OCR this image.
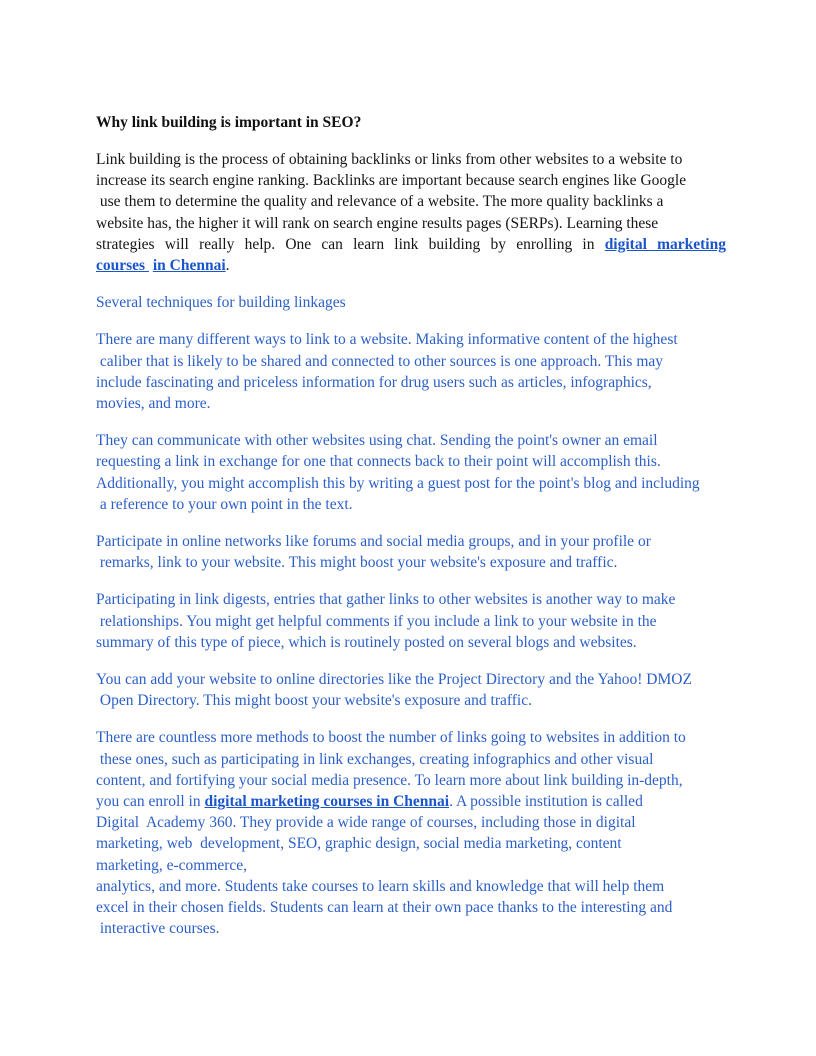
Why link building is important in SEO?
Link building is the process of obtaining backlinks or links from other websites to a website to
increase its search engine ranking. Backlinks are important because search engines like Google
use them to determine the quality and relevance of a website. The more quality backlinks a
website has, the higher it will rank on search engine results pages (SERPs). Learning these
strategies will really help. One can learn link building by enrolling in digital marketing
courses  in Chennai.
Several techniques for building linkages
There are many different ways to link to a website. Making informative content of the highest
caliber that is likely to be shared and connected to other sources is one approach. This may
include fascinating and priceless information for drug users such as articles, infographics,
movies, and more.
They can communicate with other websites using chat. Sending the point's owner an email
requesting a link in exchange for one that connects back to their point will accomplish this.
Additionally, you might accomplish this by writing a guest post for the point's blog and including
a reference to your own point in the text.
Participate in online networks like forums and social media groups, and in your profile or
remarks, link to your website. This might boost your website's exposure and traffic.
Participating in link digests, entries that gather links to other websites is another way to make
relationships. You might get helpful comments if you include a link to your website in the
summary of this type of piece, which is routinely posted on several blogs and websites.
You can add your website to online directories like the Project Directory and the Yahoo! DMOZ
Open Directory. This might boost your website's exposure and traffic.
There are countless more methods to boost the number of links going to websites in addition to
these ones, such as participating in link exchanges, creating infographics and other visual
content, and fortifying your social media presence. To learn more about link building in-depth,
you can enroll in digital marketing courses in Chennai. A possible institution is called
Digital  Academy 360. They provide a wide range of courses, including those in digital
marketing, web  development, SEO, graphic design, social media marketing, content
marketing, e-commerce,
analytics, and more. Students take courses to learn skills and knowledge that will help them
excel in their chosen fields. Students can learn at their own pace thanks to the interesting and
interactive courses.
